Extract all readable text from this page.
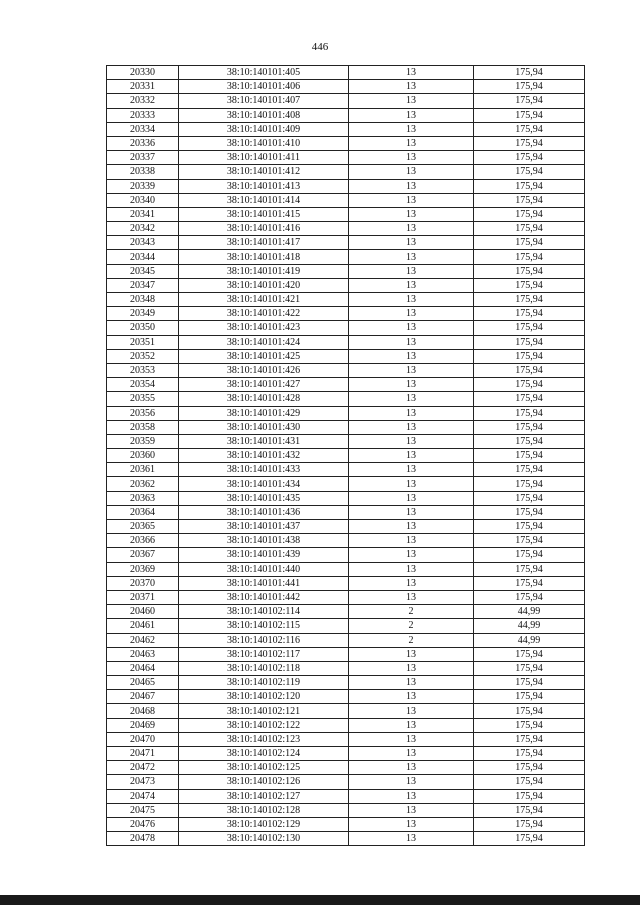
446
20330	38:10:140101:405	13	175,94
20331	38:10:140101:406	13	175,94
20332	38:10:140101:407	13	175,94
20333	38:10:140101:408	13	175,94
20334	38:10:140101:409	13	175,94
20336	38:10:140101:410	13	175,94
20337	38:10:140101:411	13	175,94
20338	38:10:140101:412	13	175,94
20339	38:10:140101:413	13	175,94
20340	38:10:140101:414	13	175,94
20341	38:10:140101:415	13	175,94
20342	38:10:140101:416	13	175,94
20343	38:10:140101:417	13	175,94
20344	38:10:140101:418	13	175,94
20345	38:10:140101:419	13	175,94
20347	38:10:140101:420	13	175,94
20348	38:10:140101:421	13	175,94
20349	38:10:140101:422	13	175,94
20350	38:10:140101:423	13	175,94
20351	38:10:140101:424	13	175,94
20352	38:10:140101:425	13	175,94
20353	38:10:140101:426	13	175,94
20354	38:10:140101:427	13	175,94
20355	38:10:140101:428	13	175,94
20356	38:10:140101:429	13	175,94
20358	38:10:140101:430	13	175,94
20359	38:10:140101:431	13	175,94
20360	38:10:140101:432	13	175,94
20361	38:10:140101:433	13	175,94
20362	38:10:140101:434	13	175,94
20363	38:10:140101:435	13	175,94
20364	38:10:140101:436	13	175,94
20365	38:10:140101:437	13	175,94
20366	38:10:140101:438	13	175,94
20367	38:10:140101:439	13	175,94
20369	38:10:140101:440	13	175,94
20370	38:10:140101:441	13	175,94
20371	38:10:140101:442	13	175,94
20460	38:10:140102:114	2	44,99
20461	38:10:140102:115	2	44,99
20462	38:10:140102:116	2	44,99
20463	38:10:140102:117	13	175,94
20464	38:10:140102:118	13	175,94
20465	38:10:140102:119	13	175,94
20467	38:10:140102:120	13	175,94
20468	38:10:140102:121	13	175,94
20469	38:10:140102:122	13	175,94
20470	38:10:140102:123	13	175,94
20471	38:10:140102:124	13	175,94
20472	38:10:140102:125	13	175,94
20473	38:10:140102:126	13	175,94
20474	38:10:140102:127	13	175,94
20475	38:10:140102:128	13	175,94
20476	38:10:140102:129	13	175,94
20478	38:10:140102:130	13	175,94
